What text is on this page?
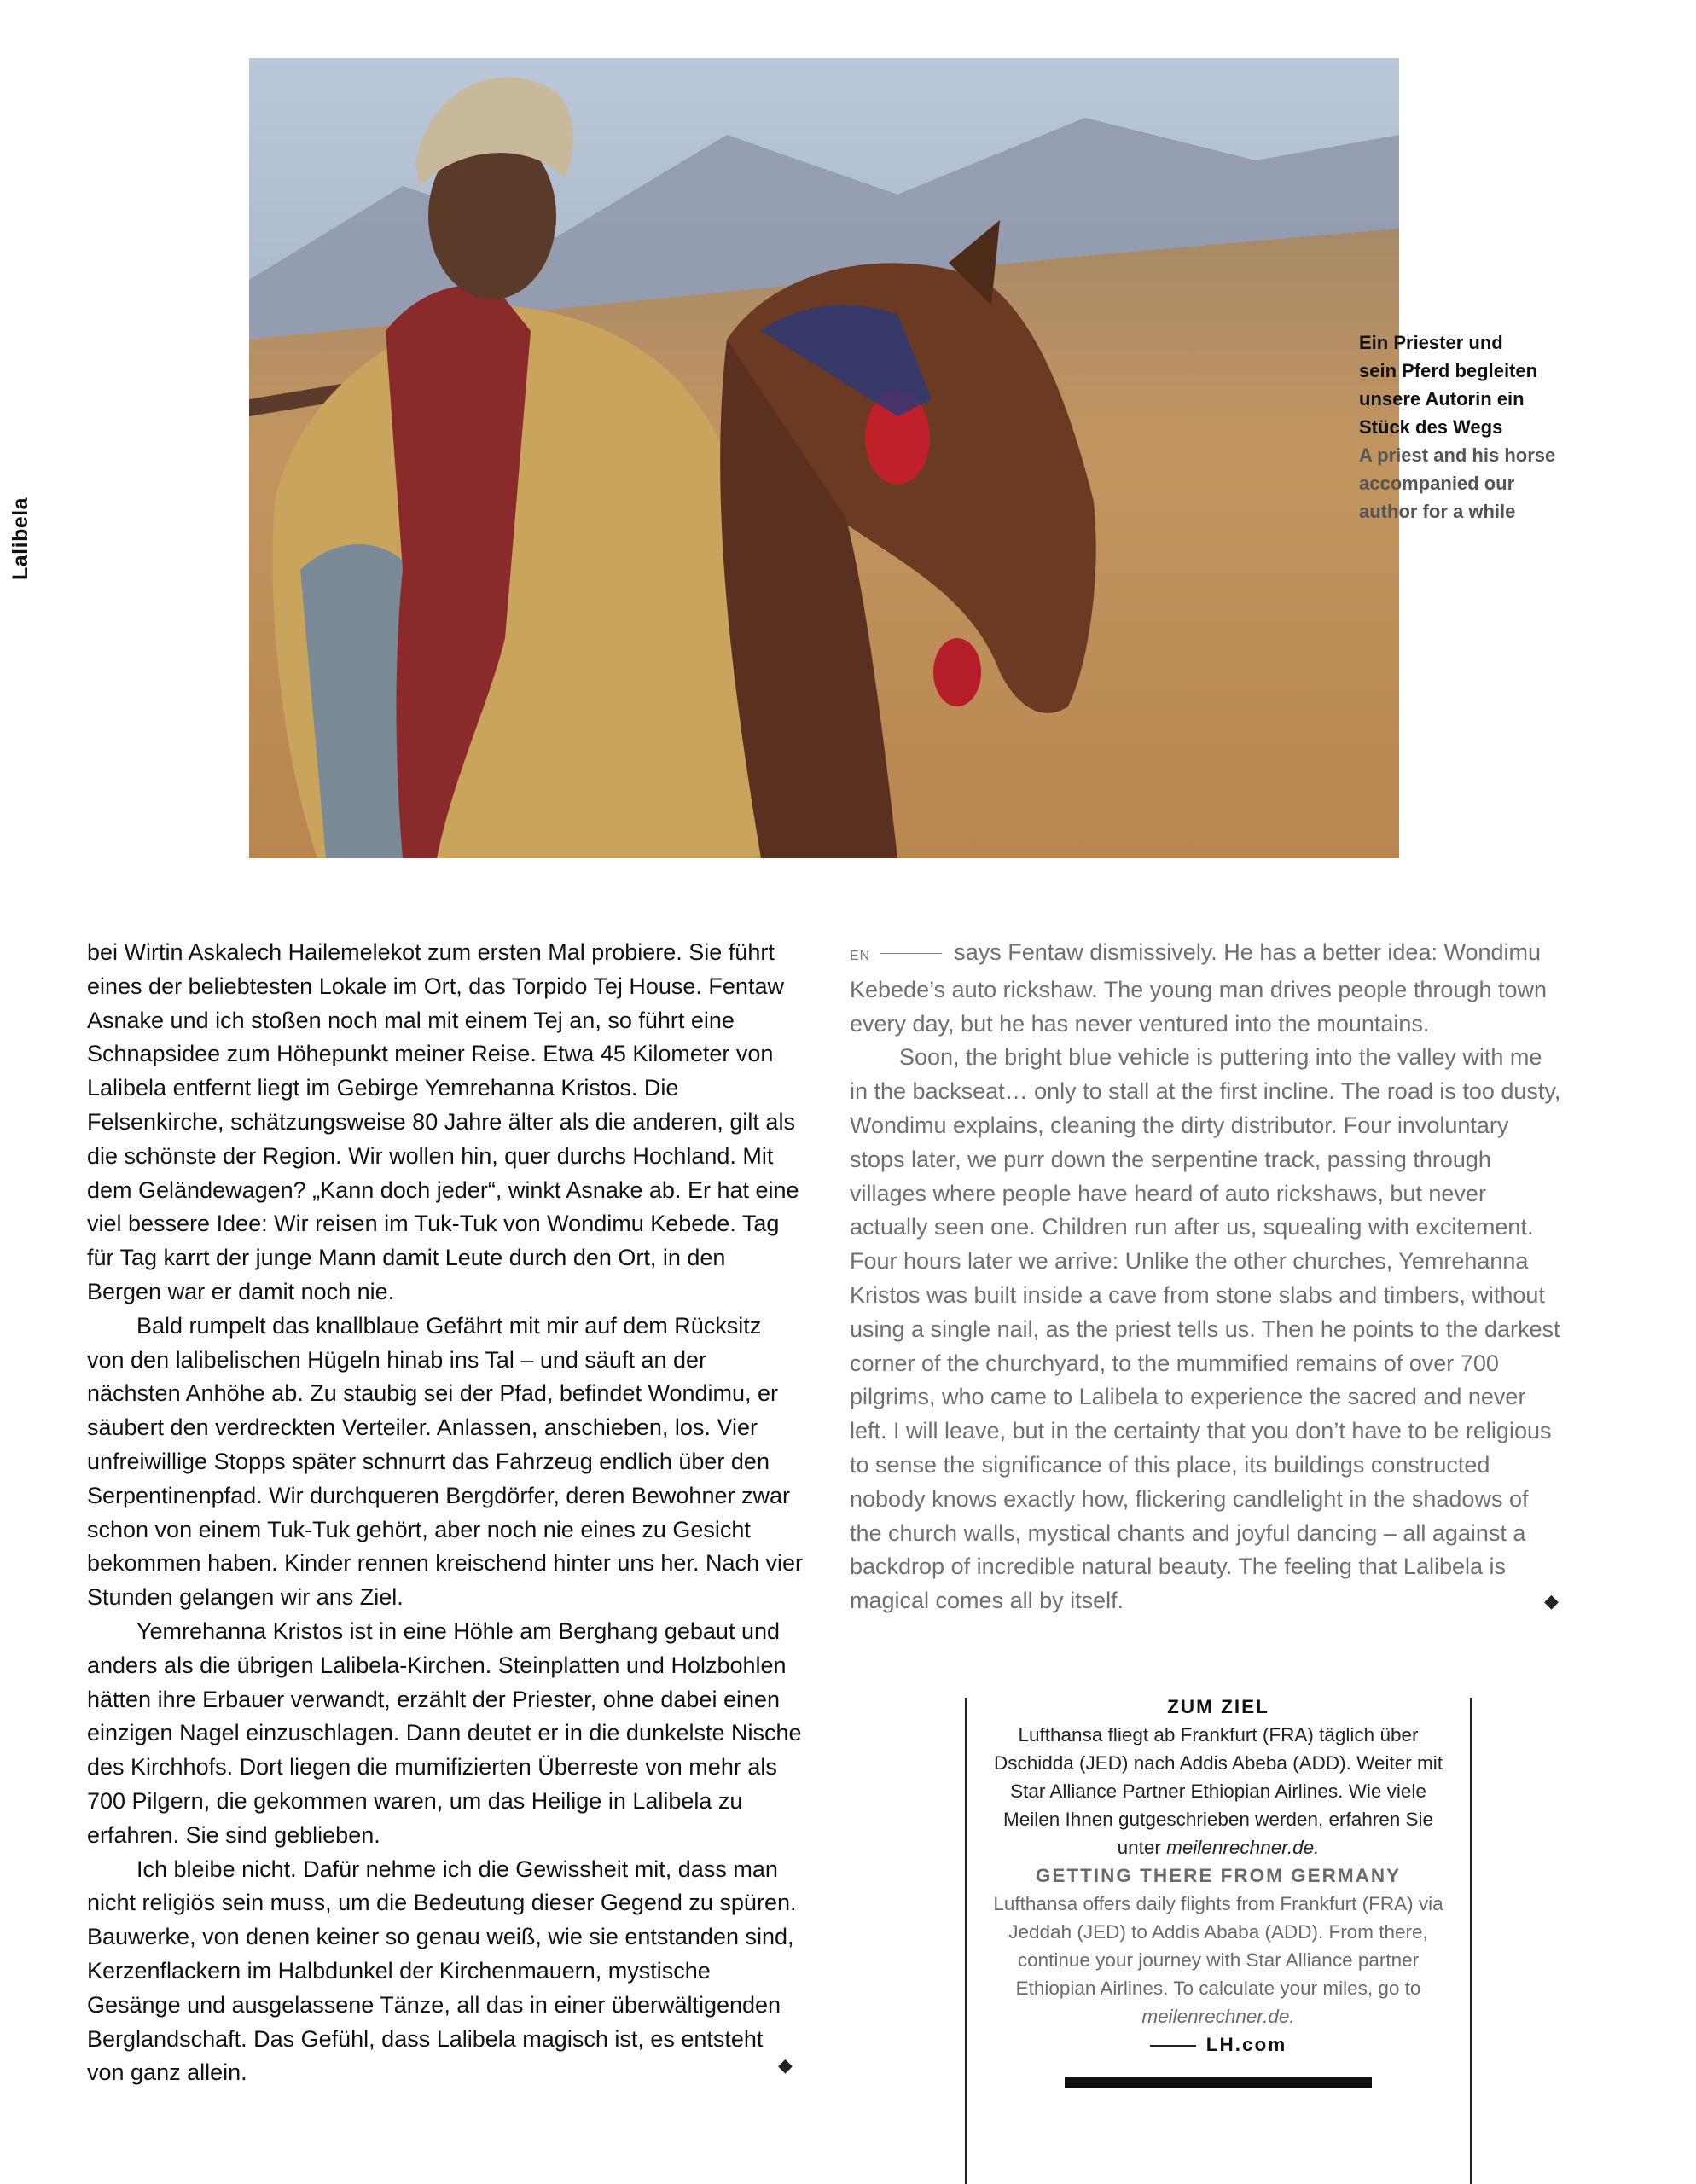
Lalibela
Ein Priester und
sein Pferd begleiten
unsere Autorin ein
Stück des Wegs
A priest and his horse
accompanied our
author for a while

bei Wirtin Askalech Hailemelekot zum ersten Mal probiere. Sie führt eines der beliebtesten Lokale im Ort, das Torpido Tej House. Fentaw Asnake und ich stoßen noch mal mit einem Tej an, so führt eine Schnapsidee zum Höhepunkt meiner Reise. Etwa 45 Kilometer von Lalibela entfernt liegt im Gebirge Yemrehanna Kristos. Die Felsenkirche, schätzungsweise 80 Jahre älter als die anderen, gilt als die schönste der Region. Wir wollen hin, quer durchs Hochland. Mit dem Geländewagen? „Kann doch jeder“, winkt Asnake ab. Er hat eine viel bessere Idee: Wir reisen im Tuk-Tuk von Wondimu Kebede. Tag für Tag karrt der junge Mann damit Leute durch den Ort, in den Bergen war er damit noch nie.

Bald rumpelt das knallblaue Gefährt mit mir auf dem Rücksitz von den lalibelischen Hügeln hinab ins Tal – und säuft an der nächsten Anhöhe ab. Zu staubig sei der Pfad, befindet Wondimu, er säubert den verdreckten Verteiler. Anlassen, anschieben, los. Vier unfreiwillige Stopps später schnurrt das Fahrzeug endlich über den Serpentinenpfad. Wir durchqueren Bergdörfer, deren Bewohner zwar schon von einem Tuk-Tuk gehört, aber noch nie eines zu Gesicht bekommen haben. Kinder rennen kreischend hinter uns her. Nach vier Stunden gelangen wir ans Ziel.

Yemrehanna Kristos ist in eine Höhle am Berghang gebaut und anders als die übrigen Lalibela-Kirchen. Steinplatten und Holzbohlen hätten ihre Erbauer verwandt, erzählt der Priester, ohne dabei einen einzigen Nagel einzuschlagen. Dann deutet er in die dunkelste Nische des Kirchhofs. Dort liegen die mumifizierten Überreste von mehr als 700 Pilgern, die gekommen waren, um das Heilige in Lalibela zu erfahren. Sie sind geblieben.

Ich bleibe nicht. Dafür nehme ich die Gewissheit mit, dass man nicht religiös sein muss, um die Bedeutung dieser Gegend zu spüren. Bauwerke, von denen keiner so genau weiß, wie sie entstanden sind, Kerzenflackern im Halbdunkel der Kirchenmauern, mystische Gesänge und ausgelassene Tänze, all das in einer überwältigenden Berglandschaft. Das Gefühl, dass Lalibela magisch ist, es entsteht von ganz allein.	◆

EN	says Fentaw dismissively. He has a better idea: Wondimu Kebede’s auto rickshaw. The young man drives people through town every day, but he has never ventured into the mountains.

Soon, the bright blue vehicle is puttering into the valley with me in the backseat… only to stall at the first incline. The road is too dusty, Wondimu explains, cleaning the dirty distributor. Four involuntary stops later, we purr down the serpentine track, passing through villages where people have heard of auto rickshaws, but never actually seen one. Children run after us, squealing with excitement. Four hours later we arrive: Unlike the other churches, Yemrehanna Kristos was built inside a cave from stone slabs and timbers, without using a single nail, as the priest tells us. Then he points to the darkest corner of the churchyard, to the mummified remains of over 700 pilgrims, who came to Lalibela to experience the sacred and never left. I will leave, but in the certainty that you don’t have to be religious to sense the significance of this place, its buildings constructed nobody knows exactly how, flickering candlelight in the shadows of the church walls, mystical chants and joyful dancing – all against a backdrop of incredible natural beauty. The feeling that Lalibela is magical comes all by itself.	◆
ZUM ZIEL
Lufthansa fliegt ab Frankfurt (FRA) täglich über Dschidda (JED) nach Addis Abeba (ADD). Weiter mit Star Alliance Partner Ethiopian Airlines. Wie viele Meilen Ihnen gutgeschrieben werden, erfahren Sie unter meilenrechner.de.
GETTING THERE FROM GERMANY
Lufthansa offers daily flights from Frankfurt (FRA) via Jeddah (JED) to Addis Ababa (ADD). From there, continue your journey with Star Alliance partner Ethiopian Airlines. To calculate your miles, go to meilenrechner.de.
LH.com
